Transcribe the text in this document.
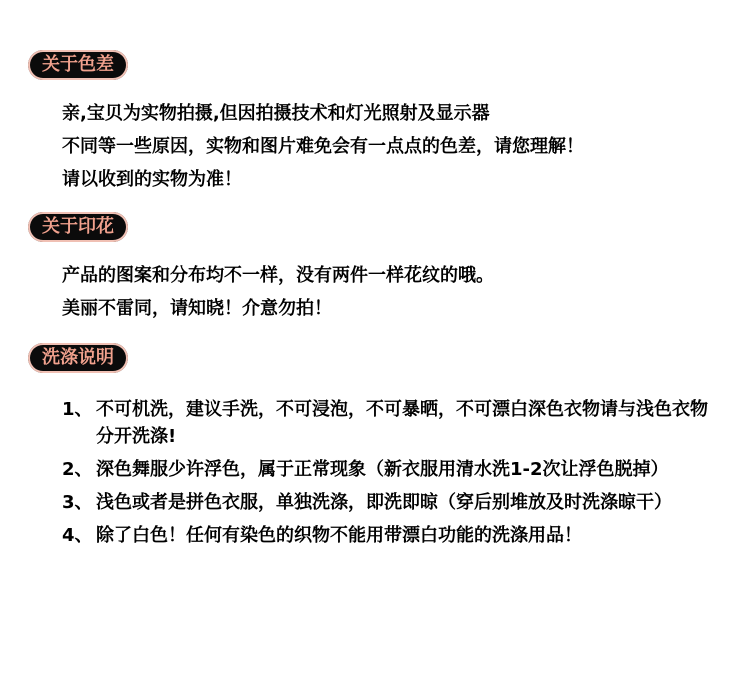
关于色差
亲,宝贝为实物拍摄,但因拍摄技术和灯光照射及显示器
不同等一些原因，实物和图片难免会有一点点的色差，请您理解！
请以收到的实物为准！
关于印花
产品的图案和分布均不一样，没有两件一样花纹的哦。
美丽不雷同，请知晓！介意勿拍！
洗涤说明
1、 不可机洗，建议手洗，不可浸泡，不可暴晒，不可漂白深色衣物请与浅色衣物分开洗涤!
2、 深色舞服少许浮色，属于正常现象（新衣服用清水洗1-2次让浮色脱掉）
3、 浅色或者是拼色衣服，单独洗涤，即洗即晾（穿后别堆放及时洗涤晾干）
4、 除了白色！任何有染色的织物不能用带漂白功能的洗涤用品！
